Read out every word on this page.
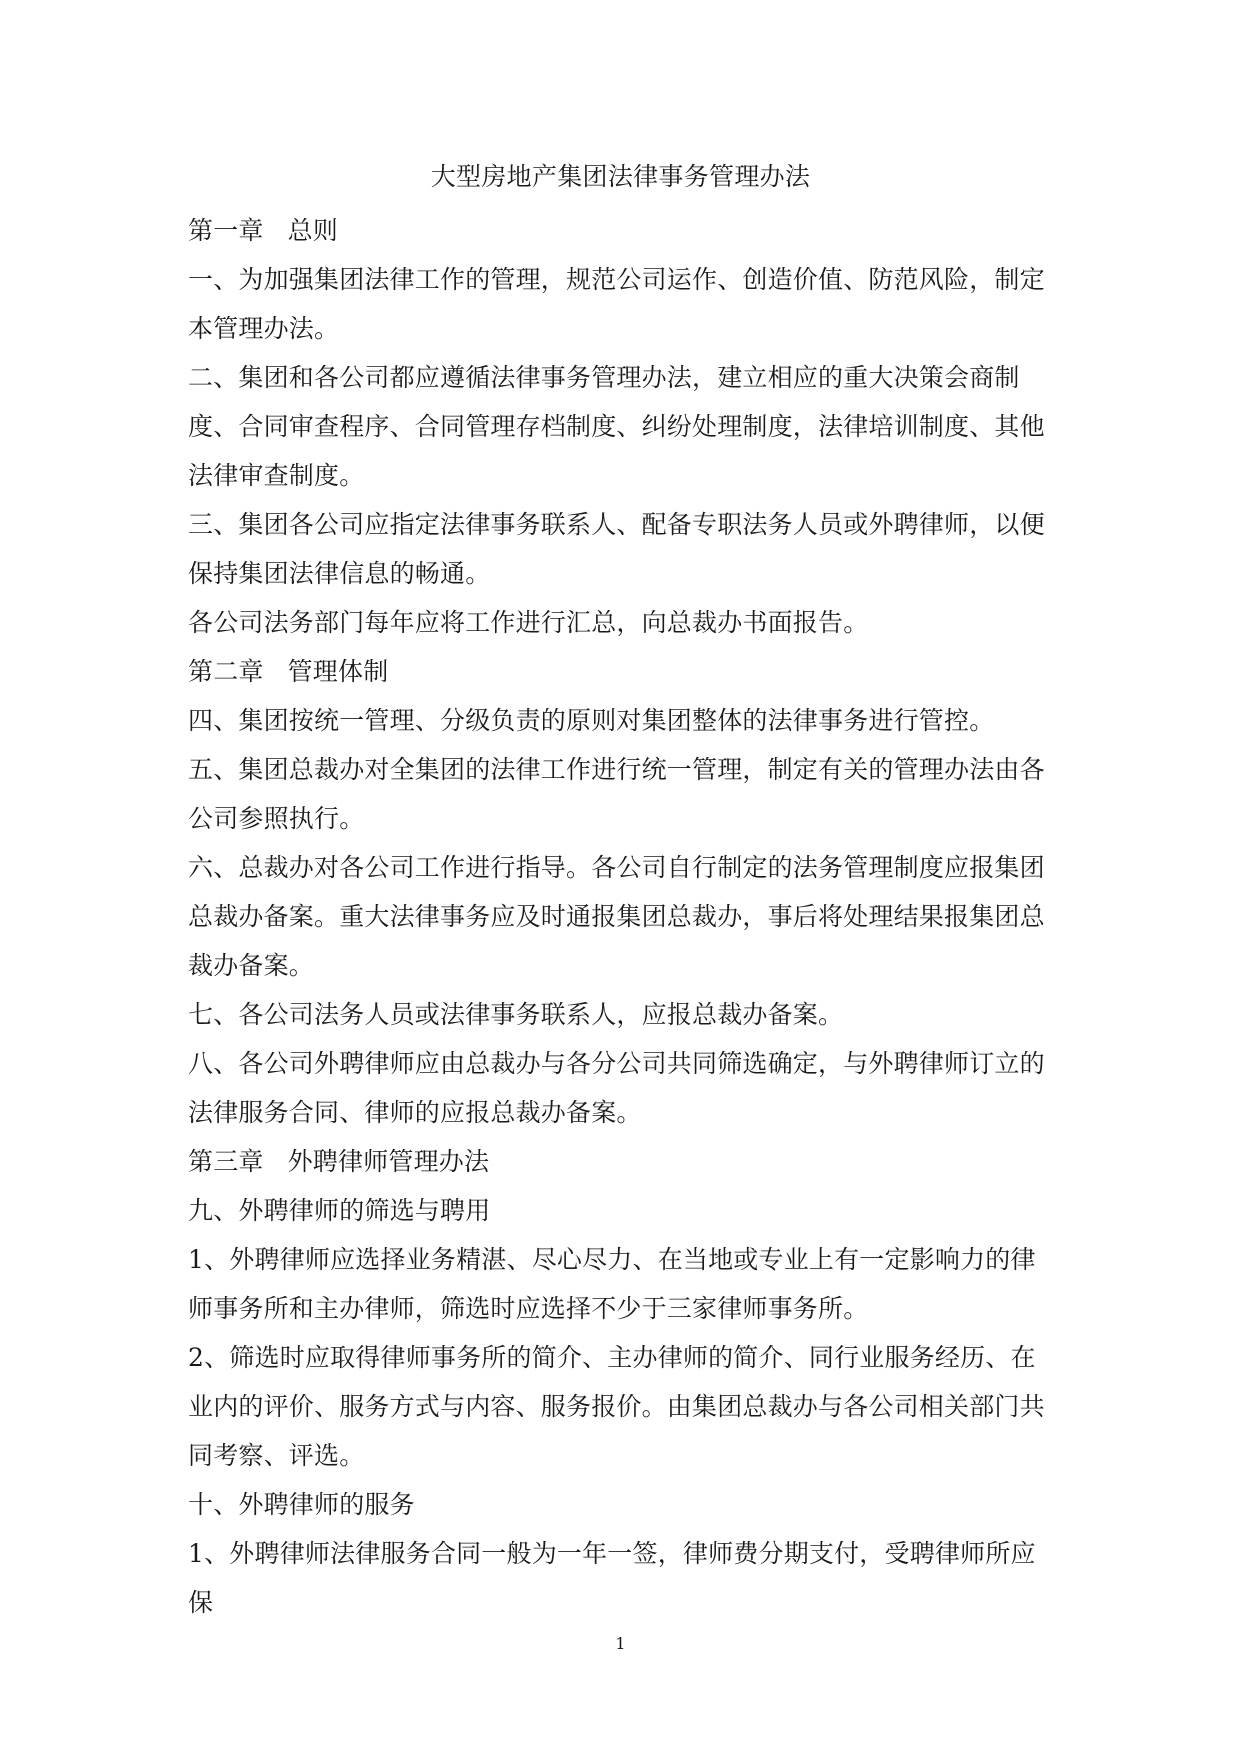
大型房地产集团法律事务管理办法

第一章 总则

一、为加强集团法律工作的管理，规范公司运作、创造价值、防范风险，制定本管理办法。

二、集团和各公司都应遵循法律事务管理办法，建立相应的重大决策会商制度、合同审查程序、合同管理存档制度、纠纷处理制度，法律培训制度、其他法律审查制度。

三、集团各公司应指定法律事务联系人、配备专职法务人员或外聘律师，以便保持集团法律信息的畅通。

各公司法务部门每年应将工作进行汇总，向总裁办书面报告。

第二章 管理体制

四、集团按统一管理、分级负责的原则对集团整体的法律事务进行管控。

五、集团总裁办对全集团的法律工作进行统一管理，制定有关的管理办法由各公司参照执行。

六、总裁办对各公司工作进行指导。各公司自行制定的法务管理制度应报集团总裁办备案。重大法律事务应及时通报集团总裁办，事后将处理结果报集团总裁办备案。

七、各公司法务人员或法律事务联系人，应报总裁办备案。

八、各公司外聘律师应由总裁办与各分公司共同筛选确定，与外聘律师订立的法律服务合同、律师的应报总裁办备案。

第三章 外聘律师管理办法

九、外聘律师的筛选与聘用

1、外聘律师应选择业务精湛、尽心尽力、在当地或专业上有一定影响力的律师事务所和主办律师，筛选时应选择不少于三家律师事务所。

2、筛选时应取得律师事务所的简介、主办律师的简介、同行业服务经历、在业内的评价、服务方式与内容、服务报价。由集团总裁办与各公司相关部门共同考察、评选。

十、外聘律师的服务

1、外聘律师法律服务合同一般为一年一签，律师费分期支付，受聘律师所应保

1
